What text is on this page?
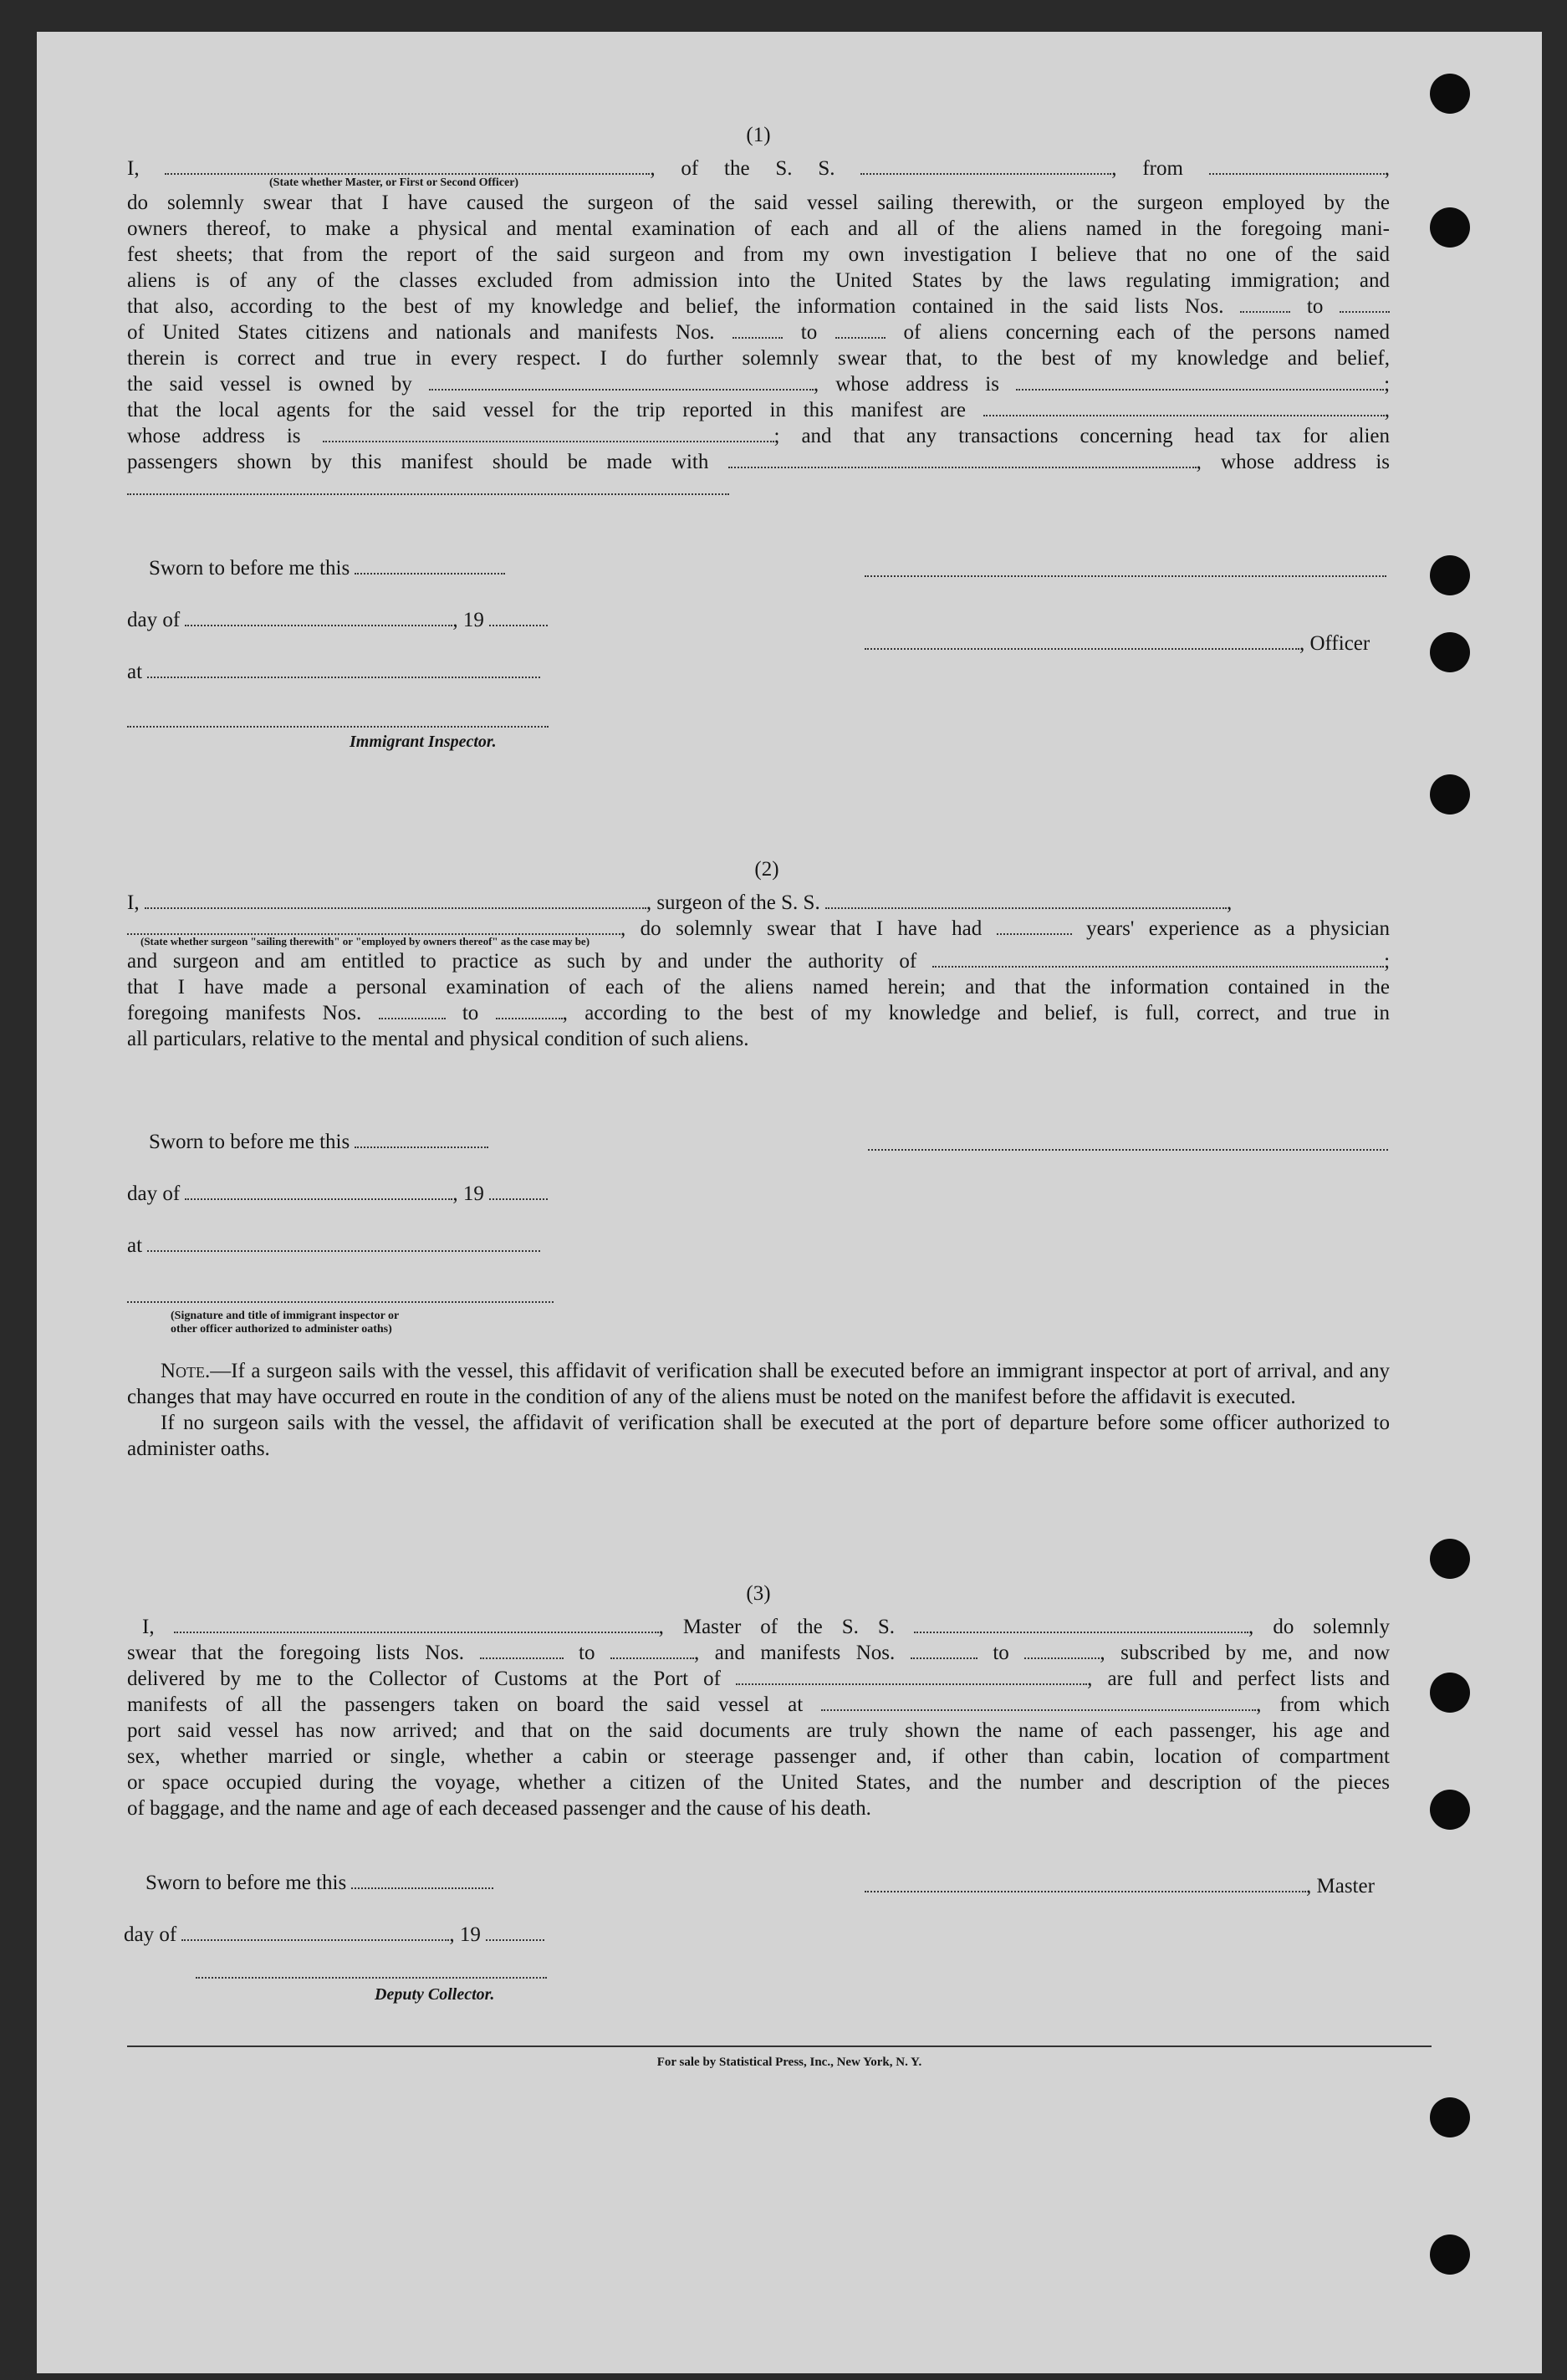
(1)
I,	, of the S. S.	, from	,
(State whether Master, or First or Second Officer)
do solemnly swear that I have caused the surgeon of the said vessel sailing therewith, or the surgeon employed by the
owners thereof, to make a physical and mental examination of each and all of the aliens named in the foregoing mani-
fest sheets; that from the report of the said surgeon and from my own investigation I believe that no one of the said
aliens is of any of the classes excluded from admission into the United States by the laws regulating immigration; and
that also, according to the best of my knowledge and belief, the information contained in the said lists Nos.	to
of United States citizens and nationals and manifests Nos.	to	of aliens concerning each of the persons named
therein is correct and true in every respect. I do further solemnly swear that, to the best of my knowledge and belief,
the said vessel is owned by	, whose address is	;
that the local agents for the said vessel for the trip reported in this manifest are	,
whose address is	; and that any transactions concerning head tax for alien
passengers shown by this manifest should be made with	, whose address is
Sworn to before me this
day of	, 19
at
Immigrant Inspector.
, Officer
(2)
I,	, surgeon of the S. S.	,
, do solemnly swear that I have had	years' experience as a physician
(State whether surgeon "sailing therewith" or "employed by owners thereof" as the case may be)
and surgeon and am entitled to practice as such by and under the authority of	;
that I have made a personal examination of each of the aliens named herein; and that the information contained in the
foregoing manifests Nos.	to	, according to the best of my knowledge and belief, is full, correct, and true in
all particulars, relative to the mental and physical condition of such aliens.
Sworn to before me this
day of	, 19
at
(Signature and title of immigrant inspector or
other officer authorized to administer oaths)
Note.—If a surgeon sails with the vessel, this affidavit of verification shall be executed before an immigrant inspector at port of arrival, and any changes that may have occurred en route in the condition of any of the aliens must be noted on the manifest before the affidavit is executed.
If no surgeon sails with the vessel, the affidavit of verification shall be executed at the port of departure before some officer authorized to administer oaths.
(3)
I,	, Master of the S. S.	, do solemnly
swear that the foregoing lists Nos.	to	, and manifests Nos.	to	, subscribed by me, and now
delivered by me to the Collector of Customs at the Port of	, are full and perfect lists and
manifests of all the passengers taken on board the said vessel at	, from which
port said vessel has now arrived; and that on the said documents are truly shown the name of each passenger, his age and
sex, whether married or single, whether a cabin or steerage passenger and, if other than cabin, location of compartment
or space occupied during the voyage, whether a citizen of the United States, and the number and description of the pieces
of baggage, and the name and age of each deceased passenger and the cause of his death.
Sworn to before me this
day of	, 19
Deputy Collector.
, Master
For sale by Statistical Press, Inc., New York, N. Y.
